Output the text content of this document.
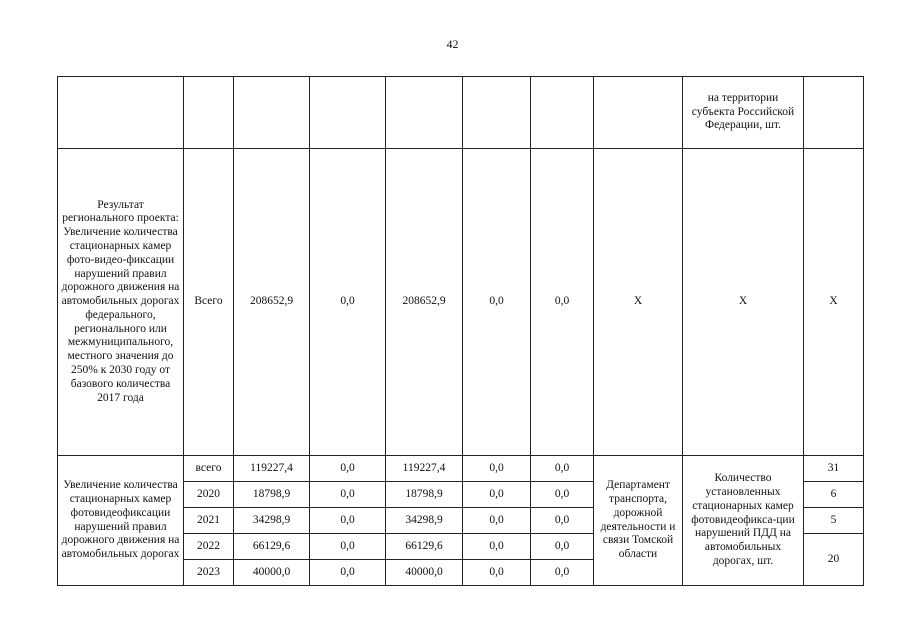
42
								на территории субъекта Российской Федерации, шт.	
Результат регионального проекта: Увеличение количества стационарных камер фото-видео-фиксации нарушений правил дорожного движения на автомобильных дорогах федерального, регионального или межмуниципального, местного значения до 250% к 2030 году от базового количества 2017 года	Всего	208652,9	0,0	208652,9	0,0	0,0	Х	Х	Х
Увеличение количества стационарных камер фотовидеофиксации нарушений правил дорожного движения на автомобильных дорогах	всего	119227,4	0,0	119227,4	0,0	0,0	Департамент транспорта, дорожной деятельности и связи Томской области	Количество установленных стационарных камер фотовидеофикса-ции нарушений ПДД на автомобильных дорогах, шт.	31
	2020	18798,9	0,0	18798,9	0,0	0,0			6
	2021	34298,9	0,0	34298,9	0,0	0,0			5
	2022	66129,6	0,0	66129,6	0,0	0,0			20
	2023	40000,0	0,0	40000,0	0,0	0,0			
